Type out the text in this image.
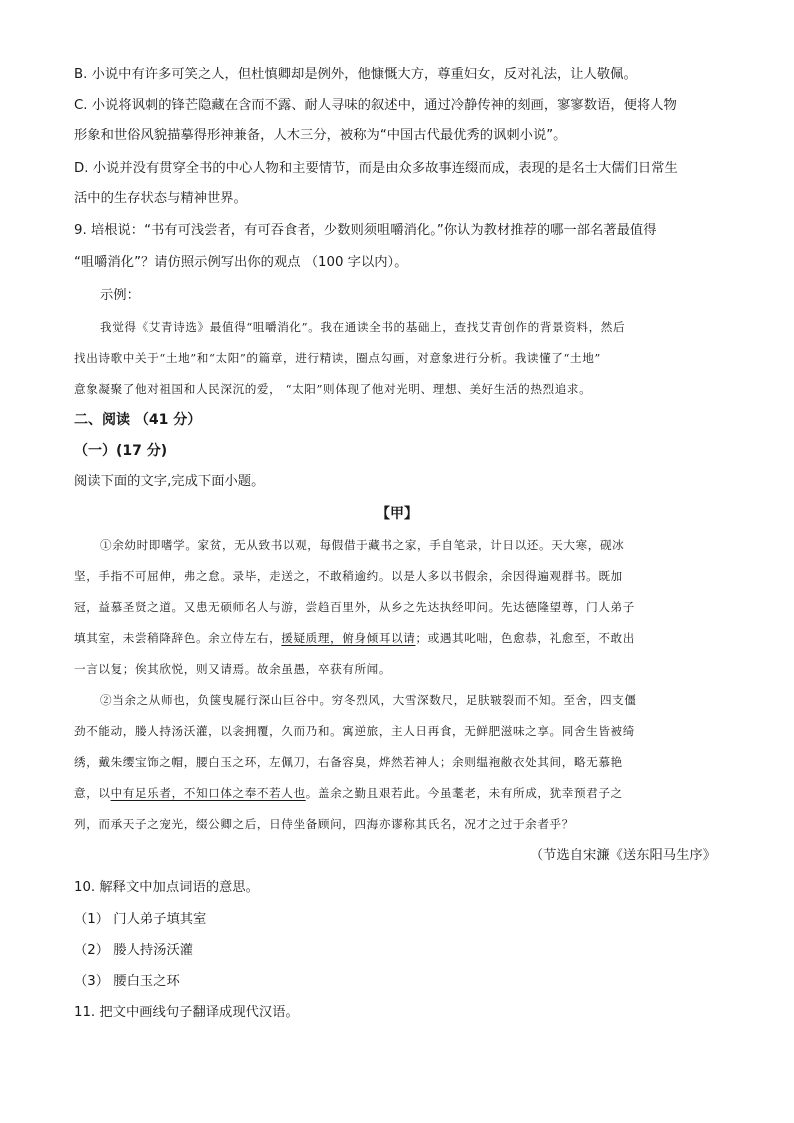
B. 小说中有许多可笑之人，但杜慎卿却是例外，他慷慨大方，尊重妇女，反对礼法，让人敬佩。
C. 小说将讽刺的锋芒隐藏在含而不露、耐人寻味的叙述中，通过冷静传神的刻画，寥寥数语，便将人物
形象和世俗风貌描摹得形神兼备，人木三分，被称为“中国古代最优秀的讽刺小说”。
D. 小说并没有贯穿全书的中心人物和主要情节，而是由众多故事连缀而成，表现的是名士大儒们日常生
活中的生存状态与精神世界。
9. 培根说：“书有可浅尝者，有可吞食者，少数则须咀嚼消化。”你认为教材推荐的哪一部名著最值得
“咀嚼消化”？请仿照示例写出你的观点 （100 字以内）。
示例：
我觉得《艾青诗选》最值得“咀嚼消化”。我在通读全书的基础上，查找艾青创作的背景资料，然后
找出诗歌中关于“土地”和“太阳”的篇章，进行精读，圈点勾画，对意象进行分析。我读懂了“土地”
意象凝聚了他对祖国和人民深沉的爱， “太阳”则体现了他对光明、理想、美好生活的热烈追求。
二、阅读 （41 分）
（一）(17 分)
阅读下面的文字,完成下面小题。
【甲】
①余幼时即嗜学。家贫，无从致书以观，每假借于藏书之家，手自笔录，计日以还。天大寒，砚冰
坚，手指不可屈伸，弗之怠。录毕，走送之，不敢稍逾约。以是人多以书假余，余因得遍观群书。既加
冠，益慕圣贤之道。又患无硕师名人与游，尝趋百里外，从乡之先达执经叩问。先达德隆望尊，门人弟子
填其室，未尝稍降辞色。余立侍左右，援疑质理，俯身倾耳以请；或遇其叱咄，色愈恭，礼愈至，不敢出
一言以复；俟其欣悦，则又请焉。故余虽愚，卒获有所闻。
②当余之从师也，负箧曳屣行深山巨谷中。穷冬烈风，大雪深数尺，足肤皲裂而不知。至舍，四支僵
劲不能动，媵人持汤沃灌，以衾拥覆，久而乃和。寓逆旅，主人日再食，无鲜肥滋味之享。同舍生皆被绮
绣，戴朱缨宝饰之帽，腰白玉之环，左佩刀，右备容臭，烨然若神人；余则缊袍敝衣处其间，略无慕艳
意，以中有足乐者，不知口体之奉不若人也。盖余之勤且艰若此。今虽耄老，未有所成，犹幸预君子之
列，而承天子之宠光，缀公卿之后，日侍坐备顾问，四海亦谬称其氏名，况才之过于余者乎？
（节选自宋濂《送东阳马生序》
10. 解释文中加点词语的意思。
（1） 门人弟子填其室
（2） 媵人持汤沃灌
（3） 腰白玉之环
11. 把文中画线句子翻译成现代汉语。
